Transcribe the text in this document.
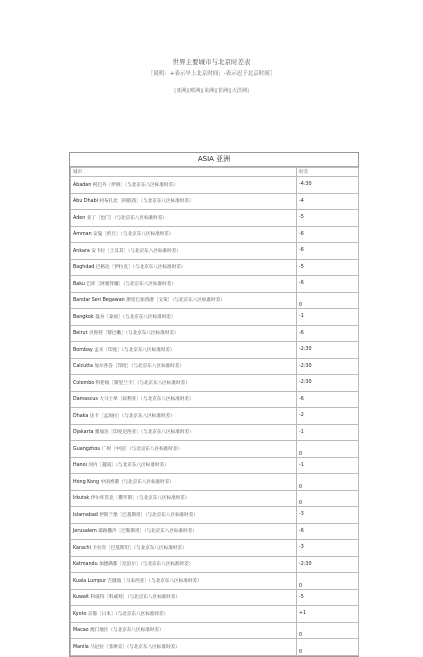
世界主要城市与北京时差表
［说明：+表示早上北京时间；-表示迟于北京时间］
[亚洲][欧洲][美洲][非洲][大洋洲]
ASIA 亚洲
城市	时差
Abadan 阿巴丹［伊朗］（与北京东八区标准时差）	-4:30
Abu Dhabi 阿布扎比［阿联酋］（与北京东八区标准时差）	-4
Aden 亚丁［也门］（与北京东八区标准时差）	-5
Amman 安曼［约旦］（与北京东八区标准时差）	-6
Ankara 安卡拉［土耳其］（与北京东八区标准时差）	-6
Baghdad 巴格达［伊拉克］（与北京东八区标准时差）	-5
Baku 巴库［阿塞拜疆］（与北京东八区标准时差）	-6
Bandar Seri Begawan 斯里巴加湾港［文莱］（与北京东八区标准时差）	0
Bangkok 曼谷［泰国］（与北京东八区标准时差）	-1
Beirut 贝鲁特［黎巴嫩］（与北京东八区标准时差）	-6
Bombay 孟买［印度］（与北京东八区标准时差）	-2:30
Calcutta 加尔各答［印度］（与北京东八区标准时差）	-2:30
Colombo 科伦坡［斯里兰卡］（与北京东八区标准时差）	-2:30
Damascus 大马士革［叙利亚］（与北京东八区标准时差）	-6
Dhaka 达卡［孟加拉］（与北京东八区标准时差）	-2
Djakarta 雅加达［印度尼西亚］（与北京东八区标准时差）	-1
Guangzhou 广州［中国］（与北京东八区标准时差）	0
Hanoi 河内［越南］（与北京东八区标准时差）	-1
Hong Kong 中国香港（与北京东八区标准时差）	0
Irkutsk 伊尔库茨克［俄罗斯］（与北京东八区标准时差）	0
Islamabad 伊斯兰堡［巴基斯坦］（与北京东八区标准时差）	-3
Jerusalem 耶路撒冷［巴勒斯坦］（与北京东八区标准时差）	-6
Karachi 卡拉奇［巴基斯坦］（与北京东八区标准时差）	-3
Katmandu 加德满都［尼泊尔］（与北京东八区标准时差）	-2:30
Kuala Lumpur 吉隆坡［马来西亚］（与北京东八区标准时差）	0
Kuwait 科威特［科威特］（与北京东八区标准时差）	-5
Kyoto 京都［日本］（与北京东八区标准时差）	+1
Macao 澳门地区（与北京东八区标准时差）	0
Manila 马尼拉［菲律宾］（与北京东八区标准时差）	0
